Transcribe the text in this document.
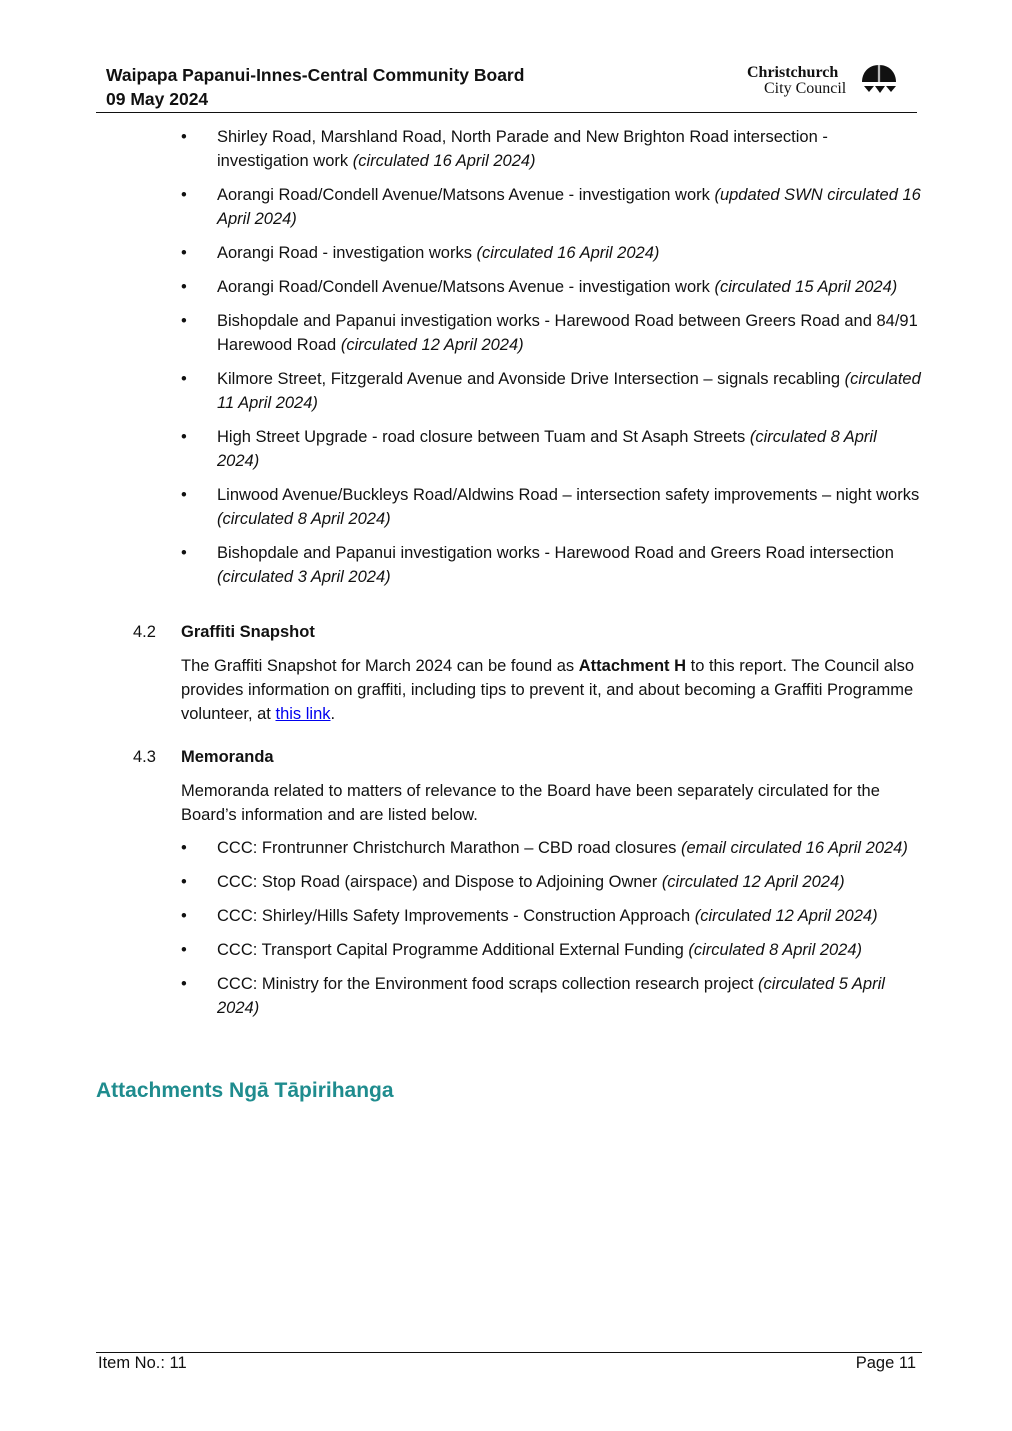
Waipapa Papanui-Innes-Central Community Board
09 May 2024
Christchurch
City Council
• Shirley Road, Marshland Road, North Parade and New Brighton Road intersection - investigation work (circulated 16 April 2024)
• Aorangi Road/Condell Avenue/Matsons Avenue - investigation work (updated SWN circulated 16 April 2024)
• Aorangi Road - investigation works (circulated 16 April 2024)
• Aorangi Road/Condell Avenue/Matsons Avenue - investigation work (circulated 15 April 2024)
• Bishopdale and Papanui investigation works - Harewood Road between Greers Road and 84/91 Harewood Road (circulated 12 April 2024)
• Kilmore Street, Fitzgerald Avenue and Avonside Drive Intersection – signals recabling (circulated 11 April 2024)
• High Street Upgrade - road closure between Tuam and St Asaph Streets (circulated 8 April 2024)
• Linwood Avenue/Buckleys Road/Aldwins Road – intersection safety improvements – night works (circulated 8 April 2024)
• Bishopdale and Papanui investigation works - Harewood Road and Greers Road intersection (circulated 3 April 2024)
4.2 Graffiti Snapshot
The Graffiti Snapshot for March 2024 can be found as Attachment H to this report. The Council also provides information on graffiti, including tips to prevent it, and about becoming a Graffiti Programme volunteer, at this link.
4.3 Memoranda
Memoranda related to matters of relevance to the Board have been separately circulated for the Board’s information and are listed below.
• CCC: Frontrunner Christchurch Marathon – CBD road closures (email circulated 16 April 2024)
• CCC: Stop Road (airspace) and Dispose to Adjoining Owner (circulated 12 April 2024)
• CCC: Shirley/Hills Safety Improvements - Construction Approach (circulated 12 April 2024)
• CCC: Transport Capital Programme Additional External Funding (circulated 8 April 2024)
• CCC: Ministry for the Environment food scraps collection research project (circulated 5 April 2024)
Attachments Ngā Tāpirihanga
Item No.: 11	Page 11
